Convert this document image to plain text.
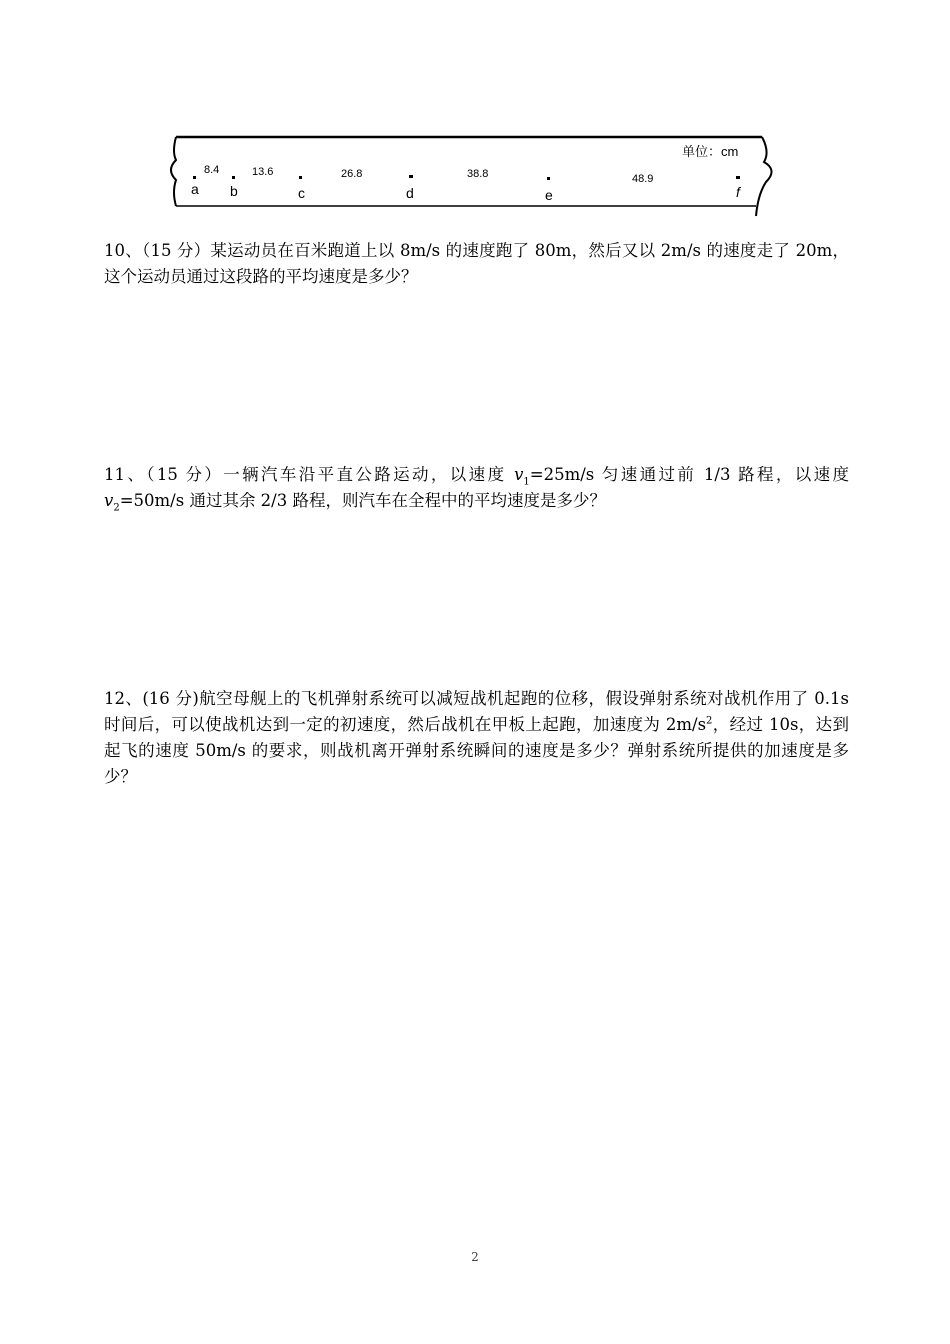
单位：cm
8.4	13.6	26.8	38.8	48.9
a b	c	d	e	f

10、（15 分）某运动员在百米跑道上以 8m/s 的速度跑了 80m，然后又以 2m/s 的速度走了 20m，这个运动员通过这段路的平均速度是多少？

11、（15 分）一辆汽车沿平直公路运动，以速度 $v_1=25m/s$ 匀速通过前 1/3 路程，以速度 $v_2=50m/s$ 通过其余 2/3 路程，则汽车在全程中的平均速度是多少？

12、(16 分)航空母舰上的飞机弹射系统可以减短战机起跑的位移，假设弹射系统对战机作用了 0.1s 时间后，可以使战机达到一定的初速度，然后战机在甲板上起跑，加速度为 $2m/s^2$，经过 10s，达到起飞的速度 50m/s 的要求，则战机离开弹射系统瞬间的速度是多少？弹射系统所提供的加速度是多少？

2
